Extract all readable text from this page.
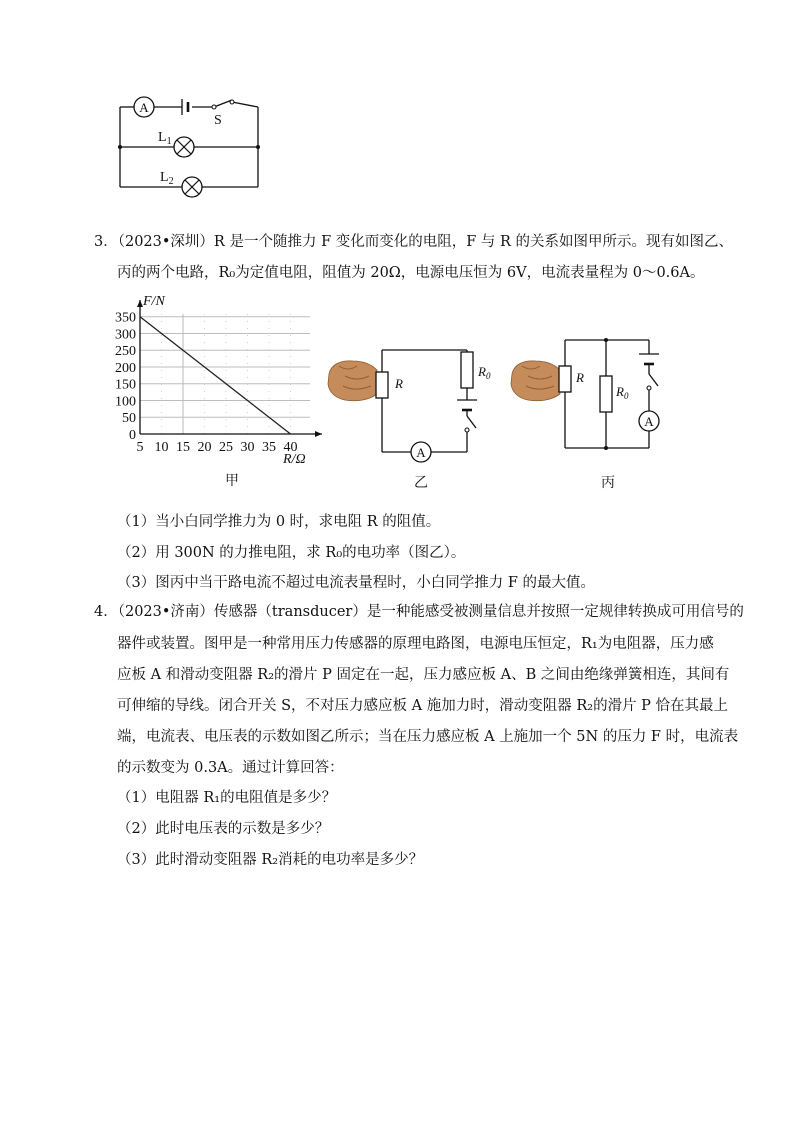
A
S
$L_1$
$L_2$
3．（2023•深圳）R 是一个随推力 F 变化而变化的电阻，F 与 R 的关系如图甲所示。现有如图乙、
丙的两个电路，R₀为定值电阻，阻值为 20Ω，电源电压恒为 6V，电流表量程为 0～0.6A。
0
50
100
150
200
250
300
350
5 10 15 20 25 30 35 40
F/N
R/Ω
甲
A
R
$R_0$
乙
A
R
$R_0$
丙
（1）当小白同学推力为 0 时，求电阻 R 的阻值。
（2）用 300N 的力推电阻，求 R₀的电功率（图乙）。
（3）图丙中当干路电流不超过电流表量程时，小白同学推力 F 的最大值。
4．（2023•济南）传感器（transducer）是一种能感受被测量信息并按照一定规律转换成可用信号的
器件或装置。图甲是一种常用压力传感器的原理电路图，电源电压恒定，R₁为电阻器，压力感
应板 A 和滑动变阻器 R₂的滑片 P 固定在一起，压力感应板 A、B 之间由绝缘弹簧相连，其间有
可伸缩的导线。闭合开关 S，不对压力感应板 A 施加力时，滑动变阻器 R₂的滑片 P 恰在其最上
端，电流表、电压表的示数如图乙所示；当在压力感应板 A 上施加一个 5N 的压力 F 时，电流表
的示数变为 0.3A。通过计算回答：
（1）电阻器 R₁的电阻值是多少？
（2）此时电压表的示数是多少？
（3）此时滑动变阻器 R₂消耗的电功率是多少？
